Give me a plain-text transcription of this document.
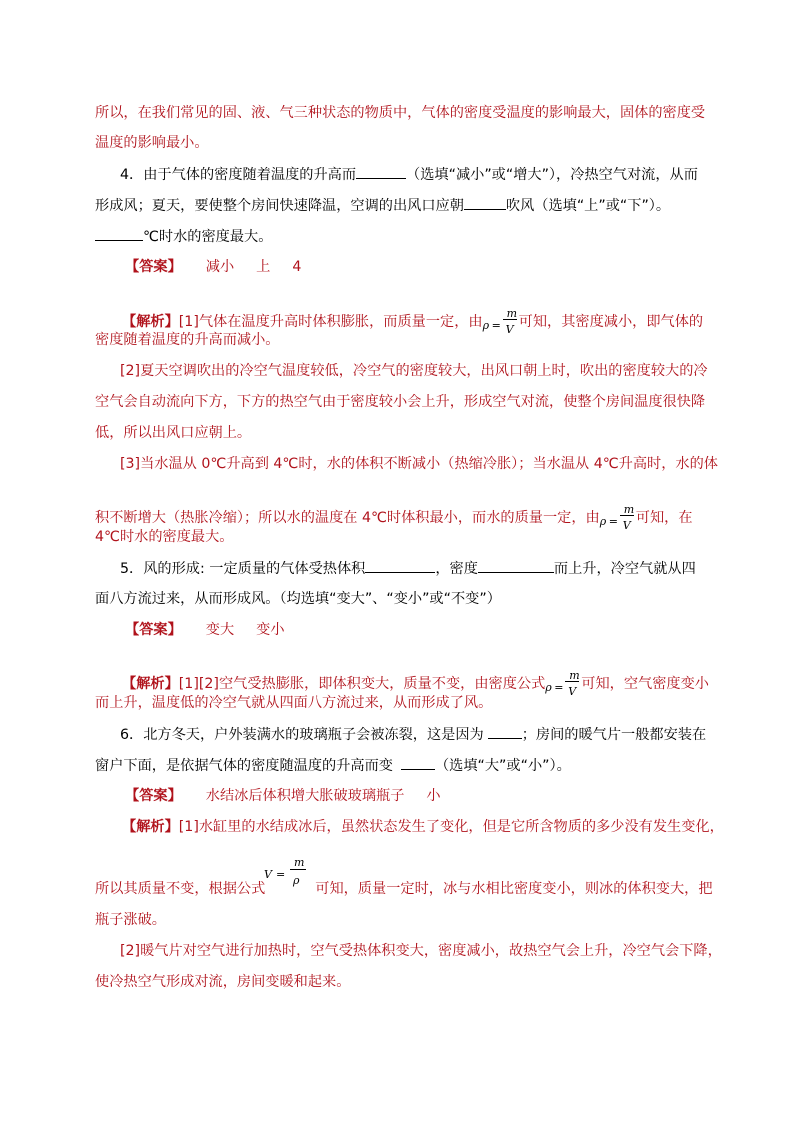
所以，在我们常见的固、液、气三种状态的物质中，气体的密度受温度的影响最大，固体的密度受
温度的影响最小。
4．由于气体的密度随着温度的升高而	（选填“减小”或“增大”），冷热空气对流，从而
形成风；夏天，要使整个房间快速降温，空调的出风口应朝	吹风（选填“上”或“下”）。
℃时水的密度最大。
【答案】 减小 上 4
【解析】[1]气体在温度升高时体积膨胀，而质量一定，由 ρ =
m
V 可知，其密度减小，即气体的
密度随着温度的升高而减小。
[2]夏天空调吹出的冷空气温度较低，冷空气的密度较大，出风口朝上时，吹出的密度较大的冷
空气会自动流向下方，下方的热空气由于密度较小会上升，形成空气对流，使整个房间温度很快降
低，所以出风口应朝上。
[3]当水温从 0℃升高到 4℃时，水的体积不断减小（热缩冷胀）；当水温从 4℃升高时，水的体
积不断增大（热胀冷缩）；所以水的温度在 4℃时体积最小，而水的质量一定，由 ρ =
m
V 可知，在
4℃时水的密度最大。
5．风的形成: 一定质量的气体受热体积	，密度	而上升，冷空气就从四
面八方流过来，从而形成风。（均选填“变大”、“变小”或“不变”）
【答案】 变大 变小
【解析】[1][2]空气受热膨胀，即体积变大，质量不变，由密度公式 ρ =
m
V 可知，空气密度变小
而上升，温度低的冷空气就从四面八方流过来，从而形成了风。
6．北方冬天，户外装满水的玻璃瓶子会被冻裂，这是因为	；房间的暖气片一般都安装在
窗户下面，是依据气体的密度随温度的升高而变	（选填“大”或“小”）。
【答案】 水结冰后体积增大胀破玻璃瓶子 小
【解析】[1]水缸里的水结成冰后，虽然状态发生了变化，但是它所含物质的多少没有发生变化，
V =
m
ρ
所以其质量不变，根据公式	可知，质量一定时，冰与水相比密度变小，则冰的体积变大，把
瓶子涨破。
[2]暖气片对空气进行加热时，空气受热体积变大，密度减小，故热空气会上升，冷空气会下降，
使冷热空气形成对流，房间变暖和起来。
